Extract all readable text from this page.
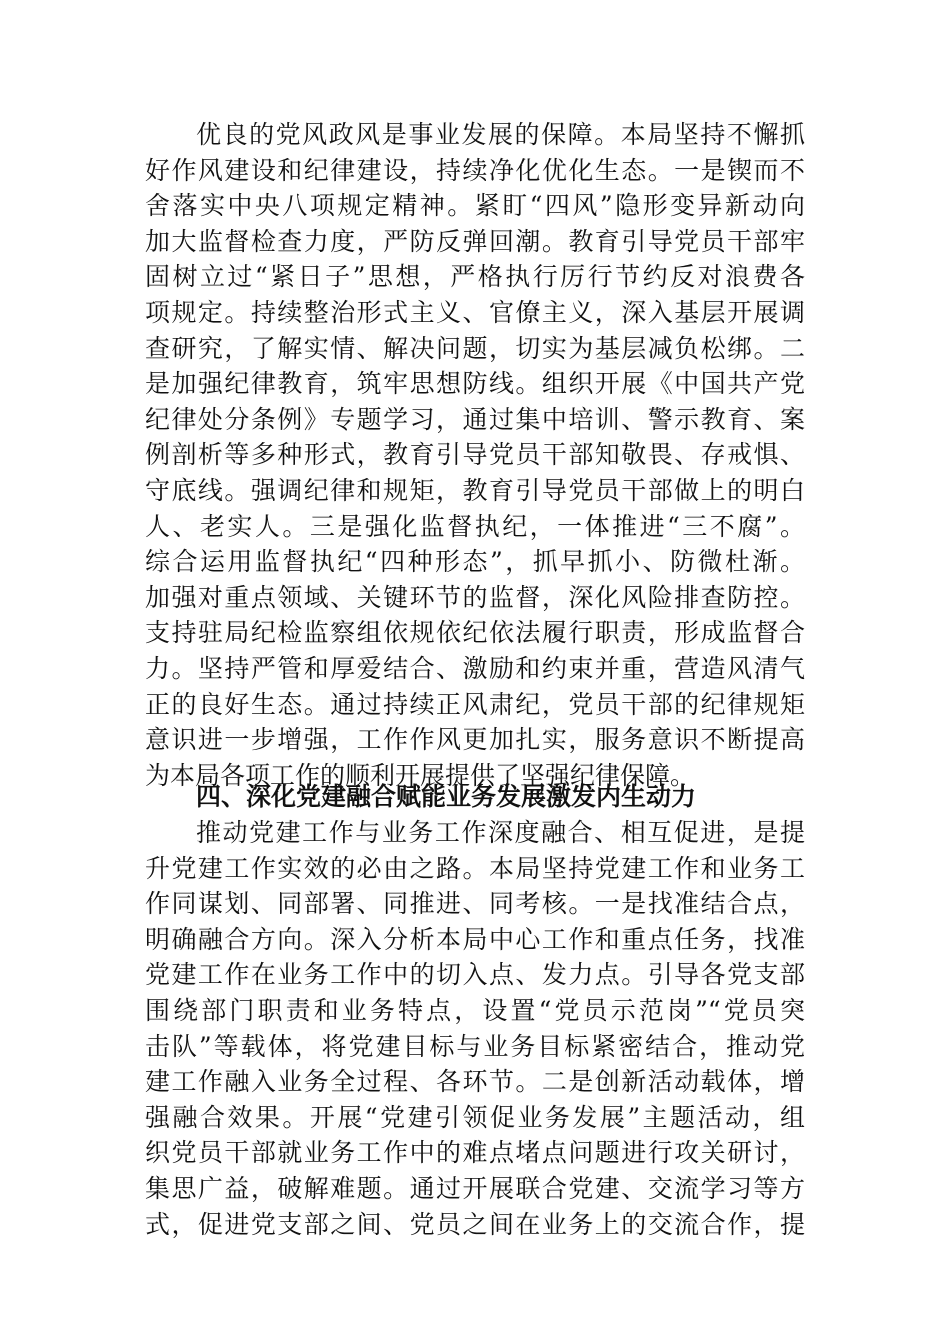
优良的党风政风是事业发展的保障。本局坚持不懈抓
好作风建设和纪律建设，持续净化优化生态。一是锲而不
舍落实中央八项规定精神。紧盯“四风”隐形变异新动向
加大监督检查力度，严防反弹回潮。教育引导党员干部牢
固树立过“紧日子”思想，严格执行厉行节约反对浪费各
项规定。持续整治形式主义、官僚主义，深入基层开展调
查研究，了解实情、解决问题，切实为基层减负松绑。二
是加强纪律教育，筑牢思想防线。组织开展《中国共产党
纪律处分条例》专题学习，通过集中培训、警示教育、案
例剖析等多种形式，教育引导党员干部知敬畏、存戒惧、
守底线。强调纪律和规矩，教育引导党员干部做上的明白
人、老实人。三是强化监督执纪，一体推进“三不腐”。
综合运用监督执纪“四种形态”，抓早抓小、防微杜渐。
加强对重点领域、关键环节的监督，深化风险排查防控。
支持驻局纪检监察组依规依纪依法履行职责，形成监督合
力。坚持严管和厚爱结合、激励和约束并重，营造风清气
正的良好生态。通过持续正风肃纪，党员干部的纪律规矩
意识进一步增强，工作作风更加扎实，服务意识不断提高
为本局各项工作的顺利开展提供了坚强纪律保障。
四、深化党建融合赋能业务发展激发内生动力
推动党建工作与业务工作深度融合、相互促进，是提
升党建工作实效的必由之路。本局坚持党建工作和业务工
作同谋划、同部署、同推进、同考核。一是找准结合点，
明确融合方向。深入分析本局中心工作和重点任务，找准
党建工作在业务工作中的切入点、发力点。引导各党支部
围绕部门职责和业务特点，设置“党员示范岗”“党员突
击队”等载体，将党建目标与业务目标紧密结合，推动党
建工作融入业务全过程、各环节。二是创新活动载体，增
强融合效果。开展“党建引领促业务发展”主题活动，组
织党员干部就业务工作中的难点堵点问题进行攻关研讨，
集思广益，破解难题。通过开展联合党建、交流学习等方
式，促进党支部之间、党员之间在业务上的交流合作，提
